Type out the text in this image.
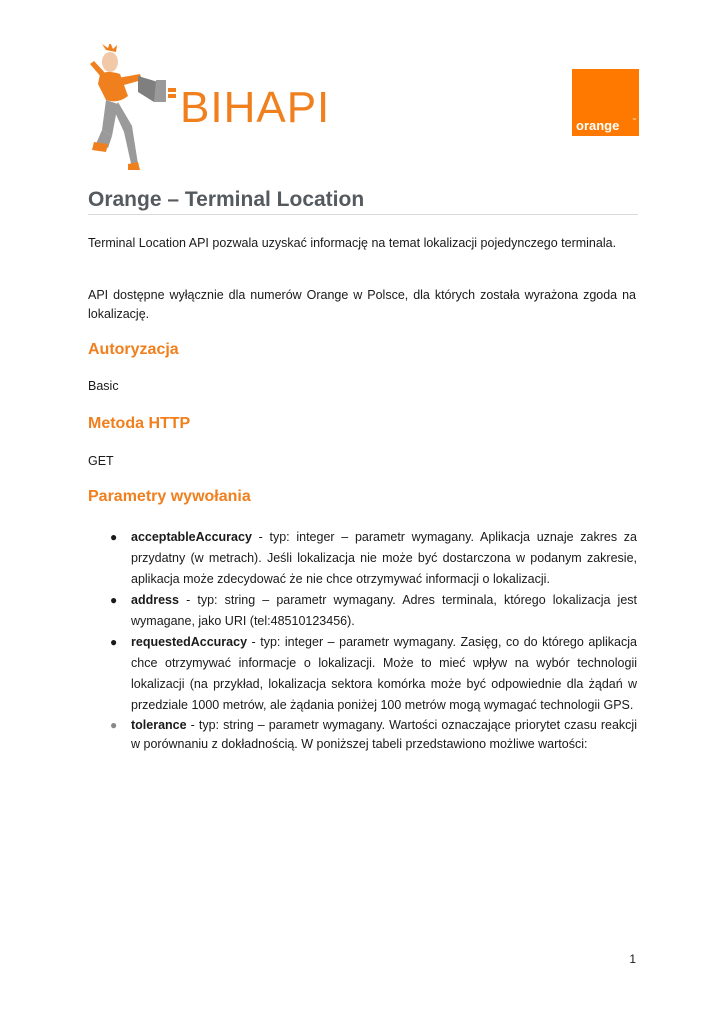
BIHAPI	orange	™
Orange – Terminal Location
Terminal Location API pozwala uzyskać informację na temat lokalizacji pojedynczego terminala.
API dostępne wyłącznie dla numerów Orange w Polsce, dla których została wyrażona zgoda na lokalizację.
Autoryzacja
Basic
Metoda HTTP
GET
Parametry wywołania
● acceptableAccuracy - typ: integer – parametr wymagany. Aplikacja uznaje zakres za przydatny (w metrach). Jeśli lokalizacja nie może być dostarczona w podanym zakresie, aplikacja może zdecydować że nie chce otrzymywać informacji o lokalizacji.
● address - typ: string – parametr wymagany. Adres terminala, którego lokalizacja jest wymagane, jako URI (tel:48510123456).
● requestedAccuracy - typ: integer – parametr wymagany. Zasięg, co do którego aplikacja chce otrzymywać informacje o lokalizacji. Może to mieć wpływ na wybór technologii lokalizacji (na przykład, lokalizacja sektora komórka może być odpowiednie dla żądań w przedziale 1000 metrów, ale żądania poniżej 100 metrów mogą wymagać technologii GPS.
● tolerance - typ: string – parametr wymagany. Wartości oznaczające priorytet czasu reakcji w porównaniu z dokładnością. W poniższej tabeli przedstawiono możliwe wartości:
1
